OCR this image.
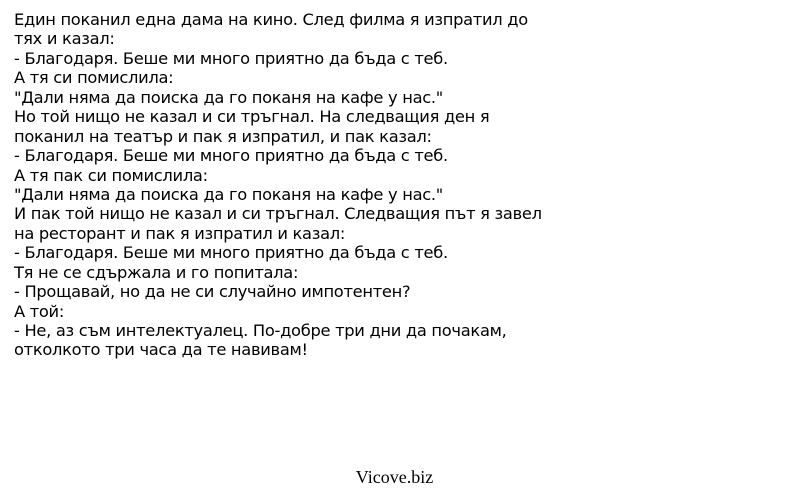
Един поканил една дама на кино. След филма я изпратил до
тях и казал:
- Благодаря. Беше ми много приятно да бъда с теб.
А тя си помислила:
"Дали няма да поиска да го поканя на кафе у нас."
Но той нищо не казал и си тръгнал. На следващия ден я
поканил на театър и пак я изпратил, и пак казал:
- Благодаря. Беше ми много приятно да бъда с теб.
А тя пак си помислила:
"Дали няма да поиска да го поканя на кафе у нас."
И пак той нищо не казал и си тръгнал. Следващия път я завел
на ресторант и пак я изпратил и казал:
- Благодаря. Беше ми много приятно да бъда с теб.
Тя не се сдържала и го попитала:
- Прощавай, но да не си случайно импотентен?
А той:
- Не, аз съм интелектуалец. По-добре три дни да почакам,
отколкото три часа да те навивам!
Vicove.biz
